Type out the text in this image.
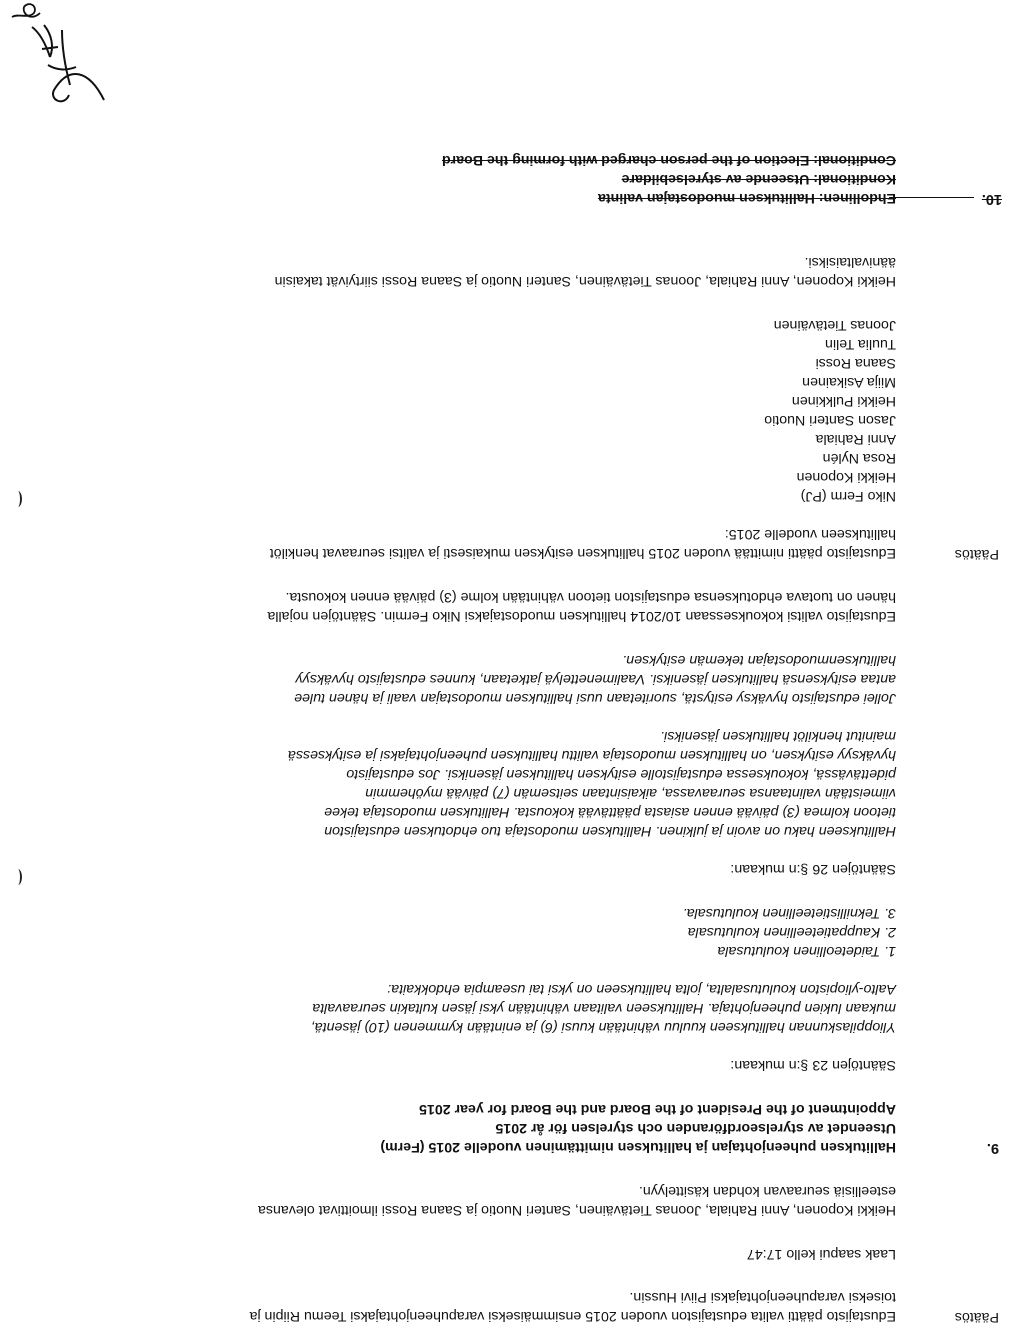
Päätös

Edustajisto päätti valita edustajiston vuoden 2015 ensimmäiseksi varapuheenjohtajaksi Teemu Riipin ja

toiseksi varapuheenjohtajaksi Piivi Hussin.

Laak saapui kello 17:47

Heikki Koponen, Anni Rahiala, Joonas Tietäväinen, Santeri Nuotio ja Saana Rossi ilmoittivat olevansa

esteellisiä seuraavan kohdan käsittelyyn.

9.

Hallituksen puheenjohtajan ja hallituksen nimittäminen vuodelle 2015 (Ferm)

Utseendet av styrelseordföranden och styrelsen för år 2015

Appointment of the President of the Board and the Board for year 2015

Sääntöjen 23 §:n mukaan:

Ylioppilaskunnan hallitukseen kuuluu vähintään kuusi (6) ja enintään kymmenen (10) jäsentä,

mukaan lukien puheenjohtaja. Hallitukseen valitaan vähintään yksi jäsen kultakin seuraavalta

Aalto-yliopiston koulutusalalta, jolta hallitukseen on yksi tai useampia ehdokkaita:

1. Taideteollinen koulutusala

2. Kauppatieteellinen koulutusala

3. Teknillistieteellinen koulutusala.

Sääntöjen 26 §:n mukaan:

Hallitukseen haku on avoin ja julkinen. Hallituksen muodostaja tuo ehdotuksen edustajiston

tietoon kolmea (3) päivää ennen asiasta päättävää kokousta. Hallituksen muodostaja tekee

viimeistään valintaansa seuraavassa, aikaisintaan seitsemän (7) päivää myöhemmin

pidettävässä, kokouksessa edustajistolle esityksen hallituksen jäseniksi. Jos edustajisto

hyväksyy esityksen, on hallituksen muodostaja valittu hallituksen puheenjohtajaksi ja esityksessä

mainitut henkilöt hallituksen jäseniksi.

Jollei edustajisto hyväksy esitystä, suoritetaan uusi hallituksen muodostajan vaali ja hänen tulee

antaa esityksensä hallituksen jäseniksi. Vaalimenettelyä jatketaan, kunnes edustajisto hyväksyy

hallituksenmuodostajan tekemän esityksen.

Edustajisto valitsi kokouksessaan 10/2014 hallituksen muodostajaksi Niko Fermin. Sääntöjen nojalla

hänen on tuotava ehdotuksensa edustajiston tietoon vähintään kolme (3) päivää ennen kokousta.

Päätös

Edustajisto päätti nimittää vuoden 2015 hallituksen esityksen mukaisesti ja valitsi seuraavat henkilöt

hallitukseen vuodelle 2015:

Niko Ferm (PJ)

Heikki Koponen

Rosa Nylén

Anni Rahiala

Jason Santeri Nuotio

Heikki Pulkkinen

Miija Asikainen

Saana Rossi

Tuulia Telin

Joonas Tietäväinen

Heikki Koponen, Anni Rahiala, Joonas Tietäväinen, Santeri Nuotio ja Saana Rossi siirtyivät takaisin

äänivaltaisiksi.

10.

Ehdollinen: Hallituksen muodostajan valinta

Konditional: Utseende av styrelsebildare

Conditional: Election of the person charged with forming the Board
